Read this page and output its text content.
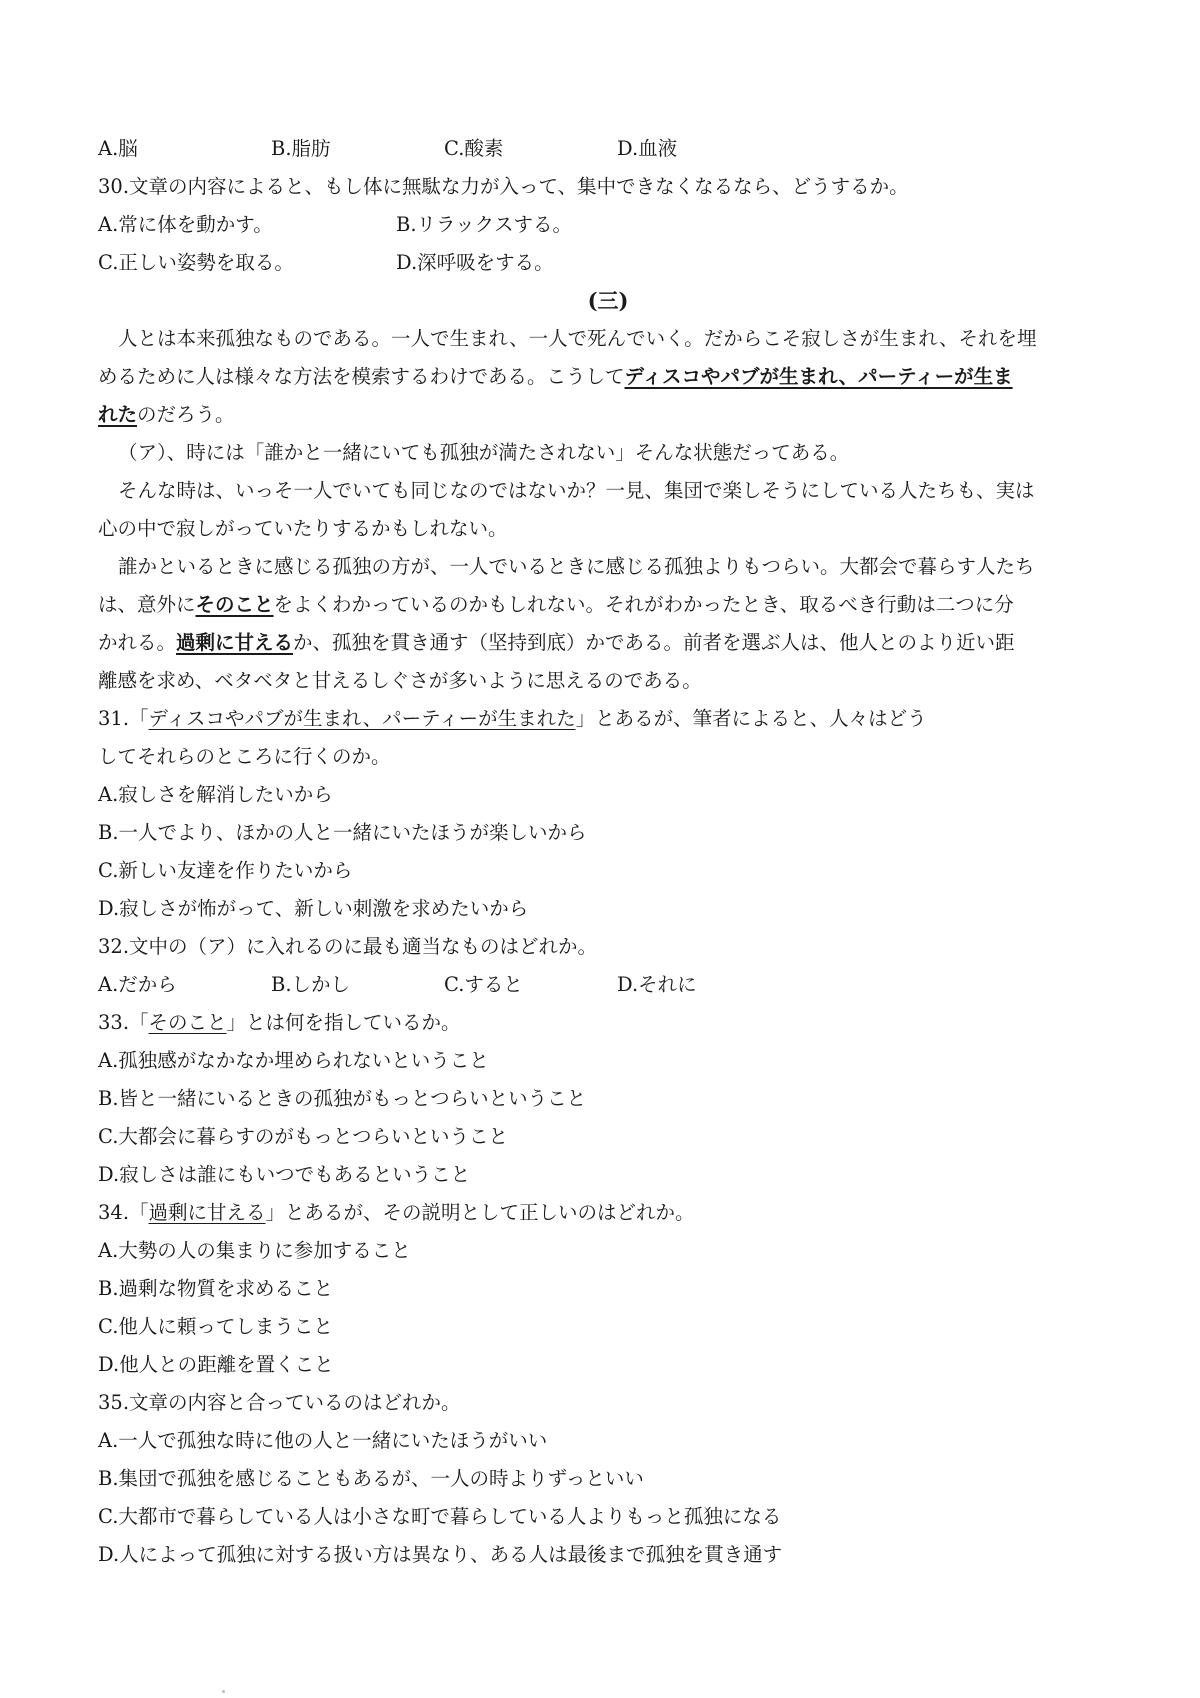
A.脳	B.脂肪	C.酸素	D.血液
30.文章の内容によると、もし体に無駄な力が入って、集中できなくなるなら、どうするか。
A.常に体を動かす。	B.リラックスする。
C.正しい姿勢を取る。	D.深呼吸をする。
(三)
人とは本来孤独なものである。一人で生まれ、一人で死んでいく。だからこそ寂しさが生まれ、それを埋
めるために人は様々な方法を模索するわけである。こうしてディスコやパブが生まれ、パーティーが生ま
れたのだろう。
（ア）、時には「誰かと一緒にいても孤独が満たされない」そんな状態だってある。
そんな時は、いっそ一人でいても同じなのではないか？一見、集団で楽しそうにしている人たちも、実は
心の中で寂しがっていたりするかもしれない。
誰かといるときに感じる孤独の方が、一人でいるときに感じる孤独よりもつらい。大都会で暮らす人たち
は、意外にそのことをよくわかっているのかもしれない。それがわかったとき、取るべき行動は二つに分
かれる。過剰に甘えるか、孤独を貫き通す（坚持到底）かである。前者を選ぶ人は、他人とのより近い距
離感を求め、ベタベタと甘えるしぐさが多いように思えるのである。
31.「ディスコやパブが生まれ、パーティーが生まれた」とあるが、筆者によると、人々はどう
してそれらのところに行くのか。
A.寂しさを解消したいから
B.一人でより、ほかの人と一緒にいたほうが楽しいから
C.新しい友達を作りたいから
D.寂しさが怖がって、新しい刺激を求めたいから
32.文中の（ア）に入れるのに最も適当なものはどれか。
A.だから	B.しかし	C.すると	D.それに
33.「そのこと」とは何を指しているか。
A.孤独感がなかなか埋められないということ
B.皆と一緒にいるときの孤独がもっとつらいということ
C.大都会に暮らすのがもっとつらいということ
D.寂しさは誰にもいつでもあるということ
34.「過剰に甘える」とあるが、その説明として正しいのはどれか。
A.大勢の人の集まりに参加すること
B.過剰な物質を求めること
C.他人に頼ってしまうこと
D.他人との距離を置くこと
35.文章の内容と合っているのはどれか。
A.一人で孤独な時に他の人と一緒にいたほうがいい
B.集団で孤独を感じることもあるが、一人の時よりずっといい
C.大都市で暮らしている人は小さな町で暮らしている人よりもっと孤独になる
D.人によって孤独に対する扱い方は異なり、ある人は最後まで孤独を貫き通す
